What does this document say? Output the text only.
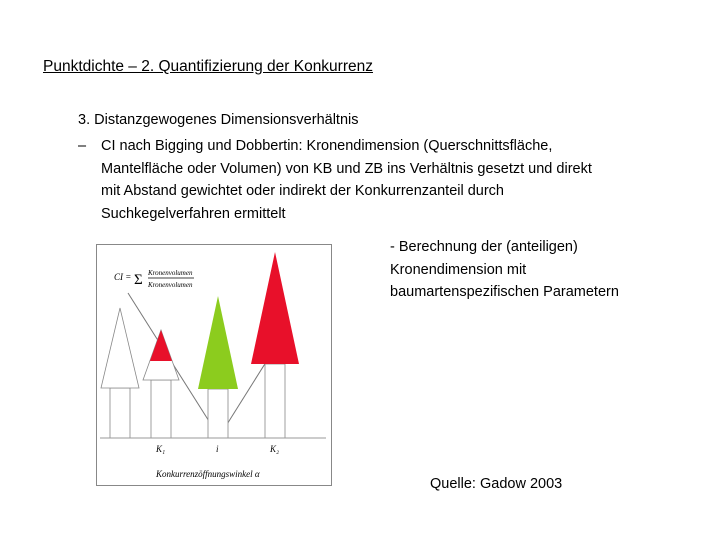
Punktdichte – 2. Quantifizierung der Konkurrenz
3. Distanzgewogenes Dimensionsverhältnis
– CI nach Bigging und Dobbertin: Kronendimension (Querschnittsfläche,
Mantelfläche oder Volumen) von KB und ZB ins Verhältnis gesetzt und direkt
mit Abstand gewichtet oder indirekt der Konkurrenzanteil durch
Suchkegelverfahren ermittelt
- Berechnung der (anteiligen)
Kronendimension mit
baumartenspezifischen Parametern
CI = Σ Kronenvolumen
Kronenvolumen
K₁	i	K₂
Konkurrenzöffnungswinkel α
Quelle: Gadow 2003
